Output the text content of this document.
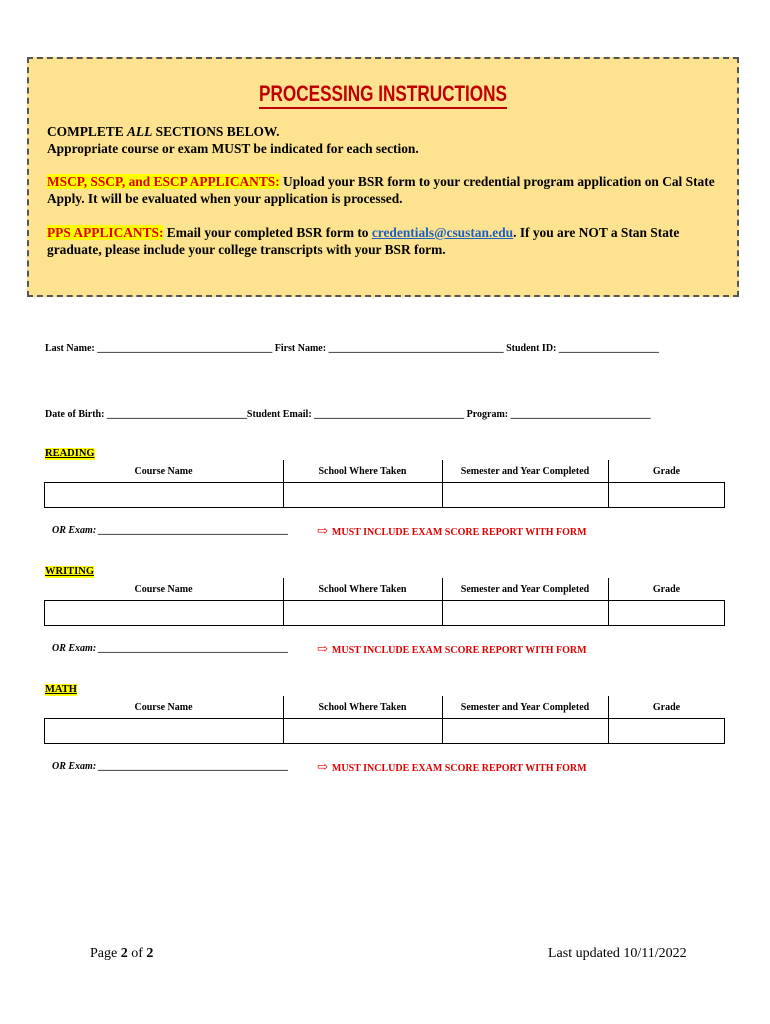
PROCESSING INSTRUCTIONS
COMPLETE ALL SECTIONS BELOW.
Appropriate course or exam MUST be indicated for each section.
MSCP, SSCP, and ESCP APPLICANTS: Upload your BSR form to your credential program application on Cal State Apply. It will be evaluated when your application is processed.
PPS APPLICANTS: Email your completed BSR form to credentials@csustan.edu. If you are NOT a Stan State graduate, please include your college transcripts with your BSR form.
Last Name: ___________________________________ First Name: ___________________________________ Student ID: ____________________
Date of Birth: ____________________________Student Email: ______________________________ Program: ____________________________
READING
Course Name	School Where Taken	Semester and Year Completed	Grade

OR Exam: ______________________________________ ⇨ MUST INCLUDE EXAM SCORE REPORT WITH FORM
WRITING
Course Name	School Where Taken	Semester and Year Completed	Grade

OR Exam: ______________________________________ ⇨ MUST INCLUDE EXAM SCORE REPORT WITH FORM
MATH
Course Name	School Where Taken	Semester and Year Completed	Grade

OR Exam: ______________________________________ ⇨ MUST INCLUDE EXAM SCORE REPORT WITH FORM
Page 2 of 2	Last updated 10/11/2022
